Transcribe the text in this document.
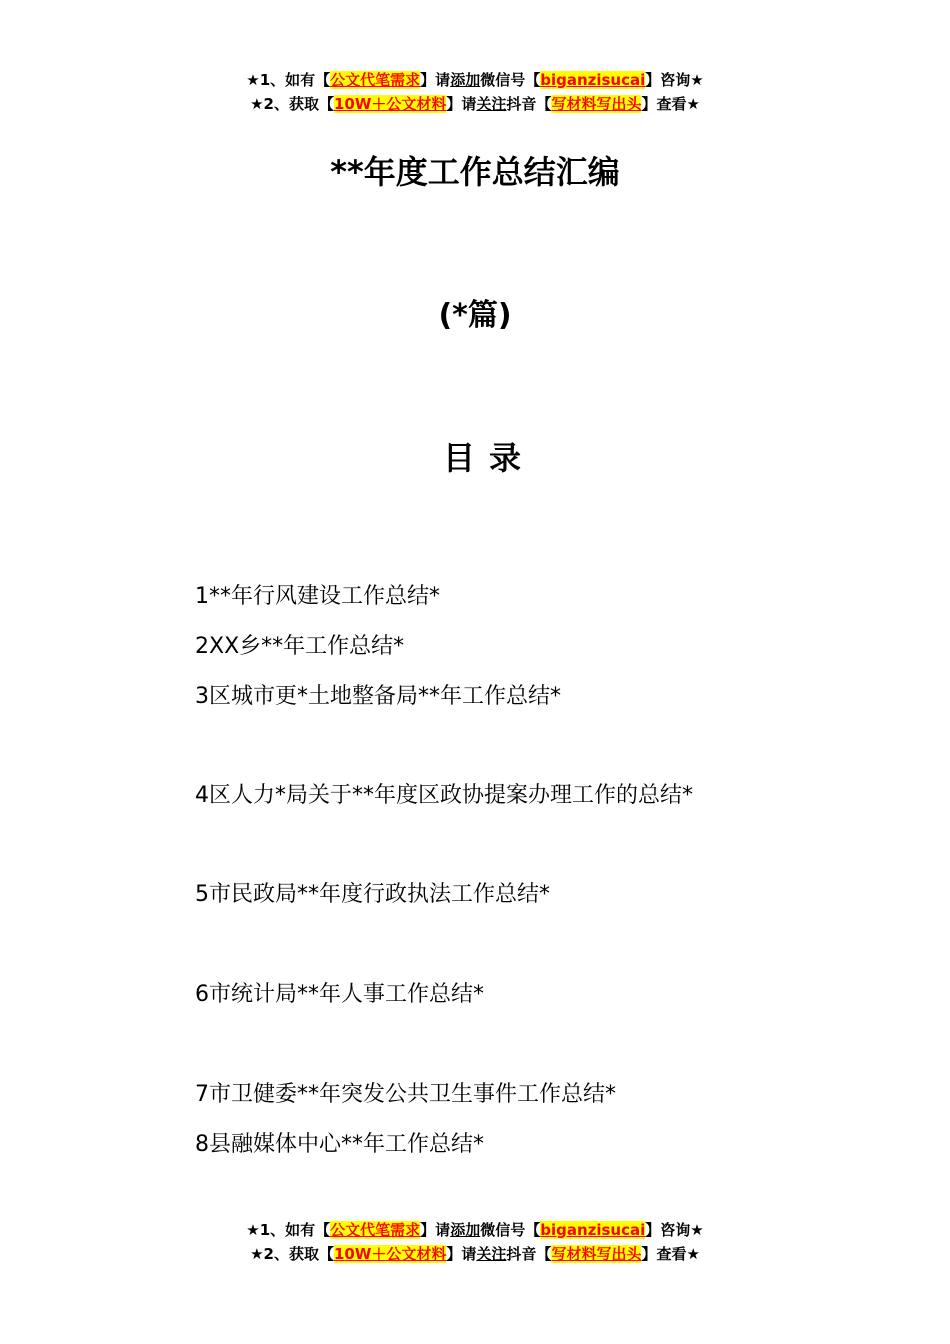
★1、如有【公文代笔需求】请添加微信号【biganzisucai】咨询★
★2、获取【10W＋公文材料】请关注抖音【写材料写出头】查看★
**年度工作总结汇编
(*篇)
目录
1**年行风建设工作总结*
2XX乡**年工作总结*
3区城市更*土地整备局**年工作总结*
4区人力*局关于**年度区政协提案办理工作的总结*
5市民政局**年度行政执法工作总结*
6市统计局**年人事工作总结*
7市卫健委**年突发公共卫生事件工作总结*
8县融媒体中心**年工作总结*
★1、如有【公文代笔需求】请添加微信号【biganzisucai】咨询★
★2、获取【10W＋公文材料】请关注抖音【写材料写出头】查看★
